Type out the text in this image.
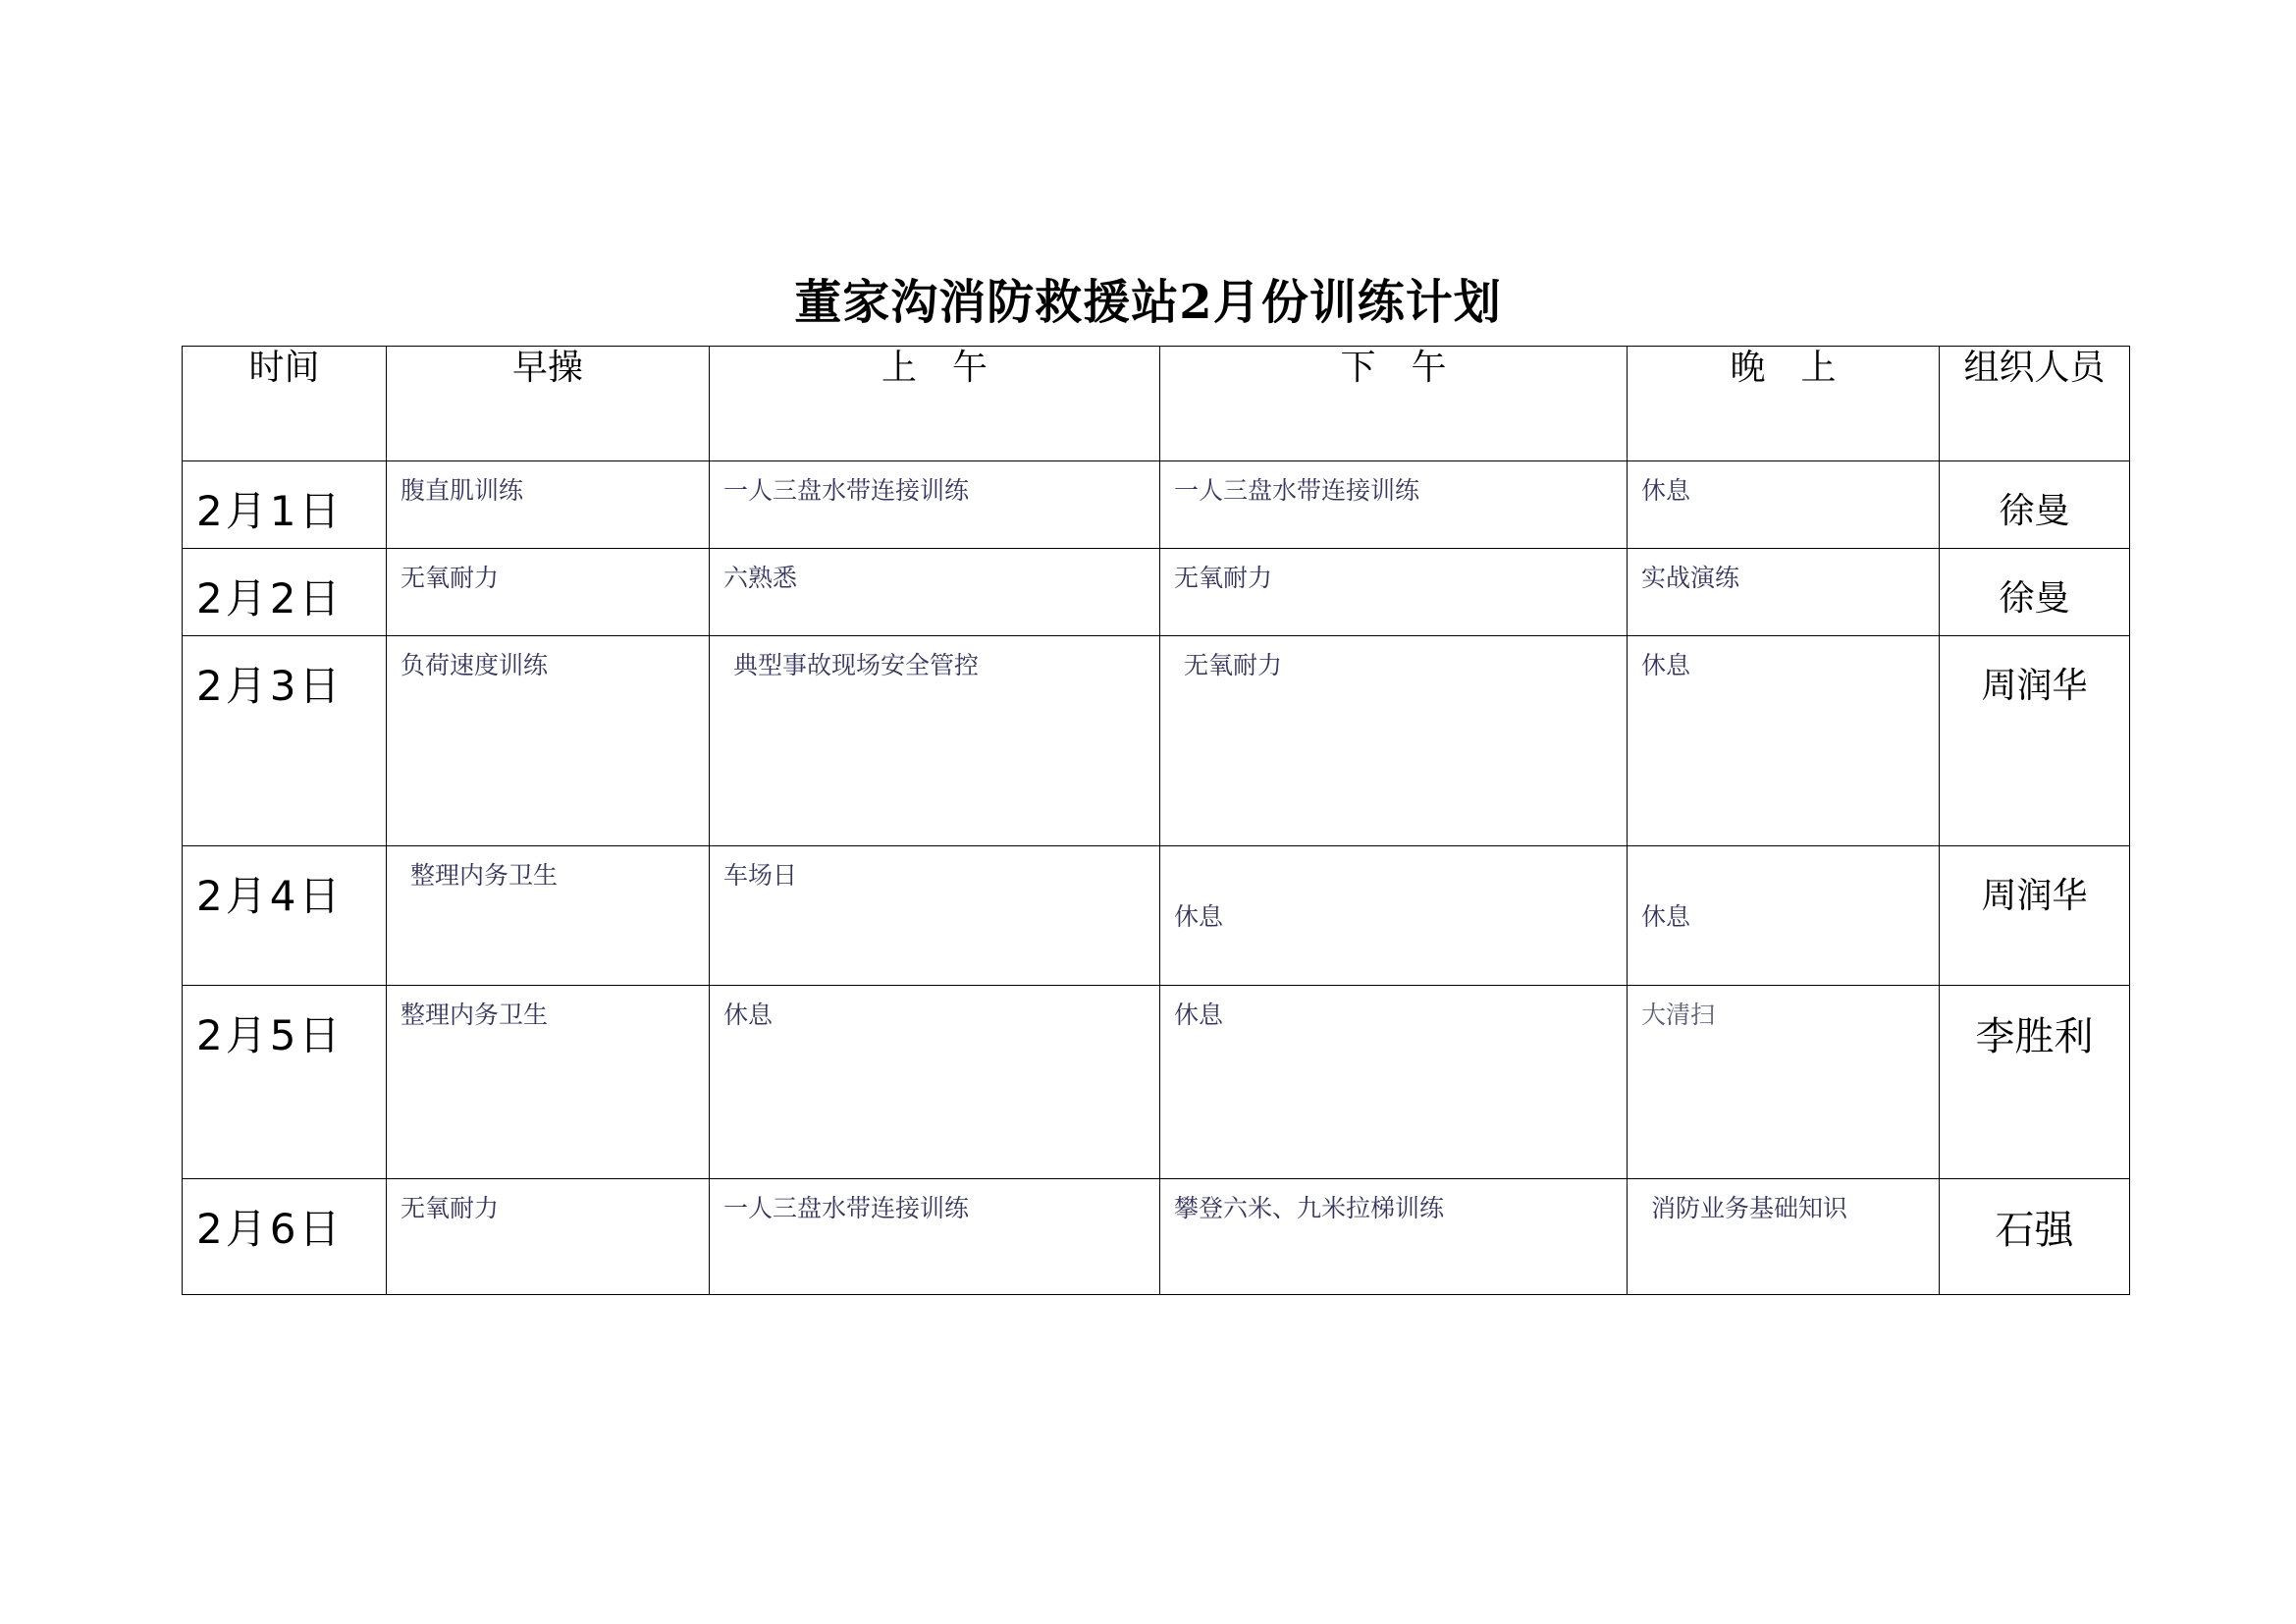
董家沟消防救援站2月份训练计划
时间	早操	上　午	下　午	晚　上	组织人员
2月1日	腹直肌训练	一人三盘水带连接训练	一人三盘水带连接训练	休息	徐曼
2月2日	无氧耐力	六熟悉	无氧耐力	实战演练	徐曼
2月3日	负荷速度训练	典型事故现场安全管控	无氧耐力	休息	周润华
2月4日	整理内务卫生	车场日	休息	休息	周润华
2月5日	整理内务卫生	休息	休息	大清扫	李胜利
2月6日	无氧耐力	一人三盘水带连接训练	攀登六米、九米拉梯训练	消防业务基础知识	石强
